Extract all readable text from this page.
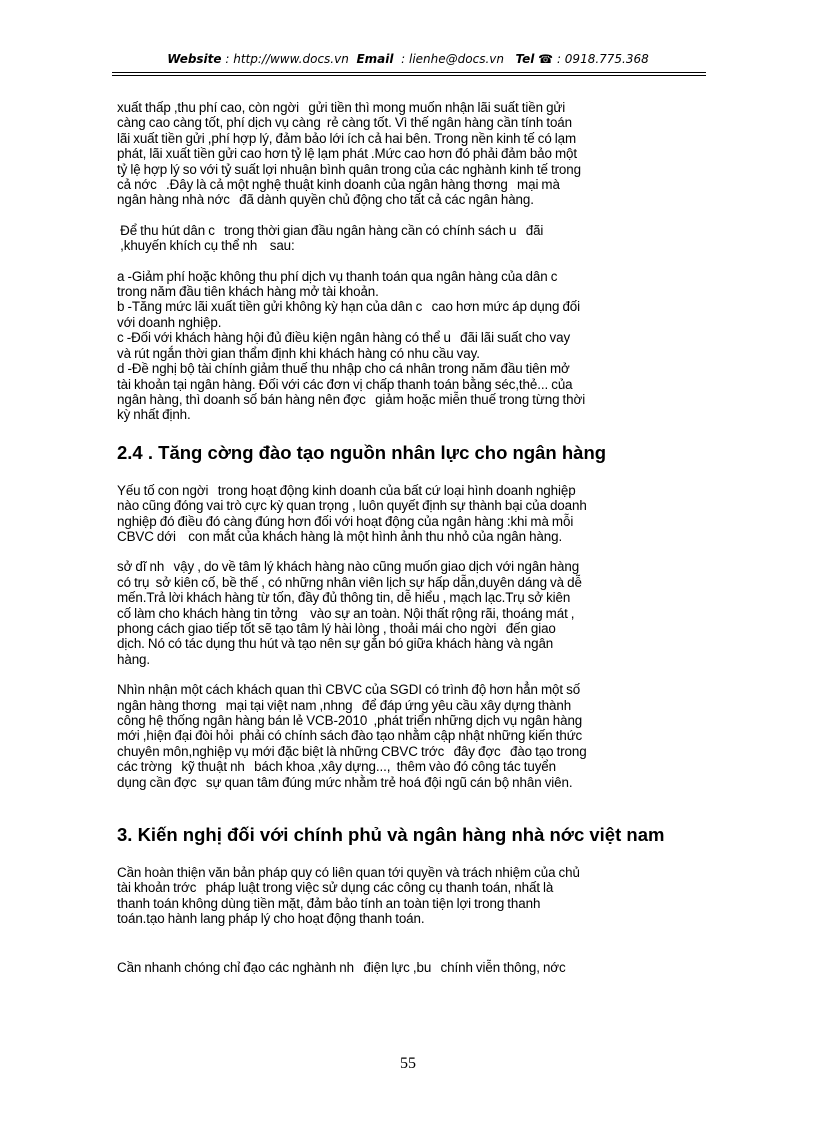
Website : http://www.docs.vn Email : lienhe@docs.vn Tel ☎ : 0918.775.368

xuất thấp ,thu phí cao, còn ngời   gửi tiền thì mong muốn nhận lãi suất tiền gửi

càng cao càng tốt, phí dịch vụ càng  rẻ càng tốt. Vì thế ngân hàng cần tính toán

lãi xuất tiền gửi ,phí hợp lý, đảm bảo lới ích cả hai bên. Trong nền kinh tế có lạm

phát, lãi xuất tiền gửi cao hơn tỷ lệ lạm phát .Mức cao hơn đó phải đảm bảo một

tỷ lệ hợp lý so với tỷ suất lợi nhuận bình quân trong của các nghành kinh tế trong

cả nớc   .Đây là cả một nghệ thuật kinh doanh của ngân hàng thơng   mại mà

ngân hàng nhà nớc   đã dành quyền chủ động cho tất cả các ngân hàng.

Để thu hút dân c   trong thời gian đầu ngân hàng cần có chính sách u   đãi

,khuyến khích cụ thể nh    sau:

a -Giảm phí hoặc không thu phí dịch vụ thanh toán qua ngân hàng của dân c

trong năm đầu tiên khách hàng mở tài khoản.

b -Tăng mức lãi xuất tiền gửi không kỳ hạn của dân c   cao hơn mức áp dụng đối

với doanh nghiệp.

c -Đối với khách hàng hội đủ điều kiện ngân hàng có thể u   đãi lãi suất cho vay

và rút ngắn thời gian thẩm định khi khách hàng có nhu cầu vay.

d -Đề nghị bộ tài chính giảm thuế thu nhập cho cá nhân trong năm đầu tiên mở

tài khoản tại ngân hàng. Đối với các đơn vị chấp thanh toán bằng séc,thẻ... của

ngân hàng, thì doanh số bán hàng nên đợc   giảm hoặc miễn thuế trong từng thời

kỳ nhất định.

2.4 . Tăng cờng đào tạo nguồn nhân lực cho ngân hàng

Yếu tố con ngời   trong hoạt động kinh doanh của bất cứ loại hình doanh nghiệp

nào cũng đóng vai trò cực kỳ quan trọng , luôn quyết định sự thành bại của doanh

nghiệp đó điều đó càng đúng hơn đối với hoạt động của ngân hàng :khi mà mỗi

CBVC dới    con mắt của khách hàng là một hình ảnh thu nhỏ của ngân hàng.

sở dĩ nh   vậy , do về tâm lý khách hàng nào cũng muốn giao dịch với ngân hàng

có trụ  sở kiên cố, bề thế , có những nhân viên lịch sự hấp dẫn,duyên dáng và dễ

mến.Trả lời khách hàng từ tốn, đầy đủ thông tin, dễ hiểu , mạch lạc.Trụ sở kiên

cố làm cho khách hàng tin tởng    vào sự an toàn. Nội thất rộng rãi, thoáng mát ,

phong cách giao tiếp tốt sẽ tạo tâm lý hài lòng , thoải mái cho ngời   đến giao

dịch. Nó có tác dụng thu hút và tạo nên sự gắn bó giữa khách hàng và ngân

hàng.

Nhìn nhận một cách khách quan thì CBVC của SGDI có trình độ hơn hẳn một số

ngân hàng thơng   mại tại việt nam ,nhng   để đáp ứng yêu cầu xây dựng thành

công hệ thống ngân hàng bán lẻ VCB-2010  ,phát triển những dịch vụ ngân hàng

mới ,hiện đại đòi hỏi  phải có chính sách đào tạo nhằm cập nhật những kiến thức

chuyên môn,nghiệp vụ mới đặc biệt là những CBVC trớc   đây đợc   đào tạo trong

các trờng   kỹ thuật nh   bách khoa ,xây dựng...,  thêm vào đó công tác tuyển

dụng cần đợc   sự quan tâm đúng mức nhằm trẻ hoá đội ngũ cán bộ nhân viên.

3. Kiến nghị đối với chính phủ và ngân hàng nhà nớc việt nam

Cần hoàn thiện văn bản pháp quy có liên quan tới quyền và trách nhiệm của chủ

tài khoản trớc   pháp luật trong việc sử dụng các công cụ thanh toán, nhất là

thanh toán không dùng tiền mặt, đảm bảo tính an toàn tiện lợi trong thanh

toán.tạo hành lang pháp lý cho hoạt động thanh toán.

Cần nhanh chóng chỉ đạo các nghành nh   điện lực ,bu   chính viễn thông, nớc

55
